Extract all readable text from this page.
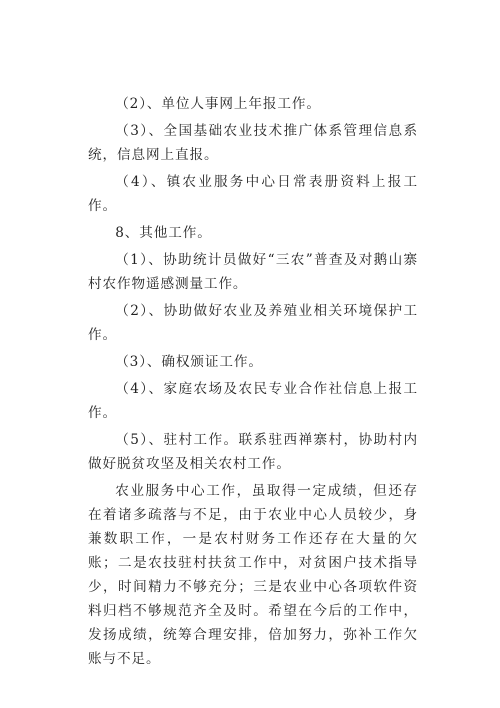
（2）、单位人事网上年报工作。

（3）、全国基础农业技术推广体系管理信息系统，信息网上直报。

（4）、镇农业服务中心日常表册资料上报工作。

8、其他工作。

（1）、协助统计员做好“三农”普查及对鹅山寨村农作物遥感测量工作。

（2）、协助做好农业及养殖业相关环境保护工作。

（3）、确权颁证工作。

（4）、家庭农场及农民专业合作社信息上报工作。

（5）、驻村工作。联系驻西禅寨村，协助村内做好脱贫攻坚及相关农村工作。

农业服务中心工作，虽取得一定成绩，但还存在着诸多疏落与不足，由于农业中心人员较少，身兼数职工作，一是农村财务工作还存在大量的欠账；二是农技驻村扶贫工作中，对贫困户技术指导少，时间精力不够充分；三是农业中心各项软件资料归档不够规范齐全及时。希望在今后的工作中，发扬成绩，统筹合理安排，倍加努力，弥补工作欠账与不足。
